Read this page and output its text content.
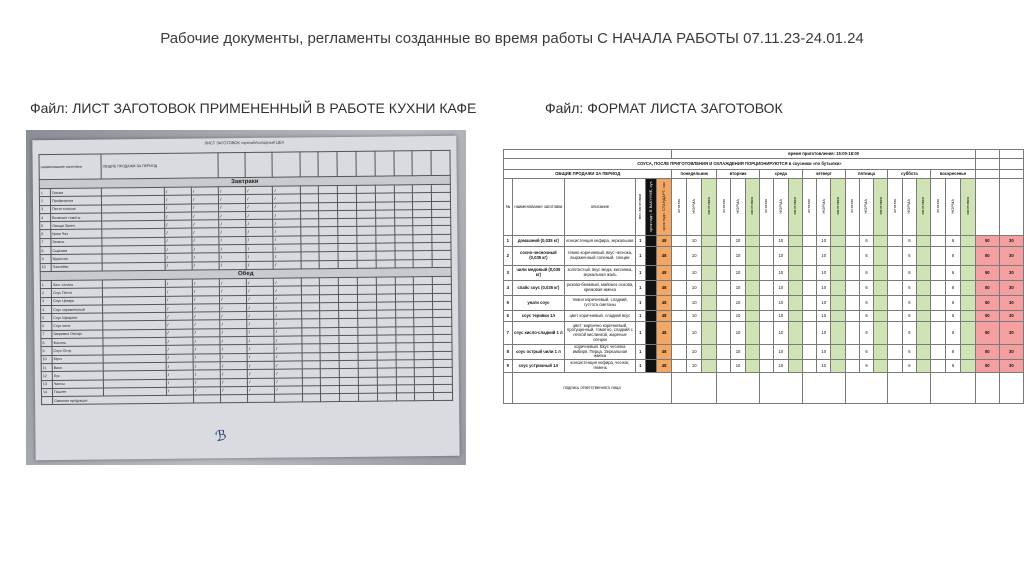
Рабочие документы, регламенты созданные во время работы С НАЧАЛА РАБОТЫ 07.11.23-24.01.24
Файл: ЛИСТ ЗАГОТОВОК ПРИМЕНЕННЫЙ В РАБОТЕ КУХНИ КАФЕ	Файл: ФОРМАТ ЛИСТА ЗАГОТОВОК
ЛИСТ ЗАГОТОВОК горячий/холодный ЦЕХ
наименование заготовки		ОБЩИЕ ПРОДАЖИ ЗА ПЕРИОД													
Завтраки															
1	Гренки		/	/	/	/	/								
2	Профитроли		/	/	/	/	/								
3	Песто классик		/	/	/	/	/								
4	Вяленые томаты		/	/	/	/	/								
5	Овощи Запеч.		/	/	/	/	/								
6	Крем Чиз		/	/	/	/	/								
7	Зелень		/	/	/	/	/								
8	Сырники		/	/	/	/	/								
9	Круассан		/	/	/	/	/								
10	Панкейки		/	/	/	/	/								
Обед															
1	Лист салата		/	/	/	/	/								
2	Соус Песто		/	/	/	/	/								
3	Соус Цезарь		/	/	/	/	/								
4	Соус карамельный		/	/	/	/	/								
5	Соус Шрирачи		/	/	/	/	/								
6	Соус чили		/	/	/	/	/								
7	Заправка Овощи		/	/	/	/	/								
8	Фасоль		/	/	/	/	/								
9	Соус Остр.		/	/	/	/	/								
10	Мусс		/	/	/	/	/								
11	Вино		/	/	/	/	/								
12	Лук		/	/	/	/	/								
13	Чипсы		/	/	/	/	/								
14	Паштет		/	/	/	/	/								
	Сменная продукция														
ℬ
						время приготовления: 15:00-18:00																						
СОУСА, ПОСЛЕ ПРИГОТОВЛЕНИЯ И ОХЛАЖДЕНИЯ ПОРЦИОНИРУЮТСЯ в соусники «по бутылки»																												
ОБЩИЕ ПРОДАЖИ ЗА ПЕРИОД						понедельник			вторник			среда			четверг			пятница			суббота			воскресенье				
№	наименование заготовки	описание	вес заготовки	срок годн. В ВАКУУМЕ, сут.	срок годн. СТАНДАРТ, час	остаток	НОРМА	заготовка	остаток	НОРМА	заготовка	остаток	НОРМА	заготовка	остаток	НОРМА	заготовка	остаток	НОРМА	заготовка	остаток	НОРМА	заготовка	остаток	НОРМА	заготовка		
1	домашний (0,035 кг)	консистенция кефира, зеркальная	1		48		10			10			10			10			6			6			6		50	30
2	сосно-чесночный (0,035 кг)	темно коричневый, вкус чеснока, выраженный соленый, специи	1		48		10			10			10			10			6			6			6		50	30
3	чили медовый (0,035 кг)	золотистый, вкус меда, кислинка, зеркальная жаль	1		48		10			10			10			10			6			6			6		50	30
4	спайс соус (0,035 кг)	розово-бежевый, майонез основа, кремовая жмеха	1		48		10			10			10			10			6			6			6		50	30
5	унаги соус	темно коричневый, сладкий, густота сметаны	1		48		10			10			10			10			6			6			6		50	30
6	соус терияки 1л	цвет коричневый, сладкий вкус	1		48		10			10			10			10			6			6			6		50	30
7	соус кисло-сладкий 1 л	цвет: кирпично коричневый, прогущенный, томатно, сладкий с легкой кислинкой, жареные специи	1		48		10			10			10			10			6			6			6		50	30
8	соус острый чили 1 л	коричневый. Вкус чеснока имбиря. Перца. Зеркальная жмеха	1		48		10			10			10			10			6			6			6		50	30
9	соус устричный 1л	консистенция кефира, чеснок, темень	1		48		10			10			10			10			6			6			6		50	30
	подпись ответственного лица																											
